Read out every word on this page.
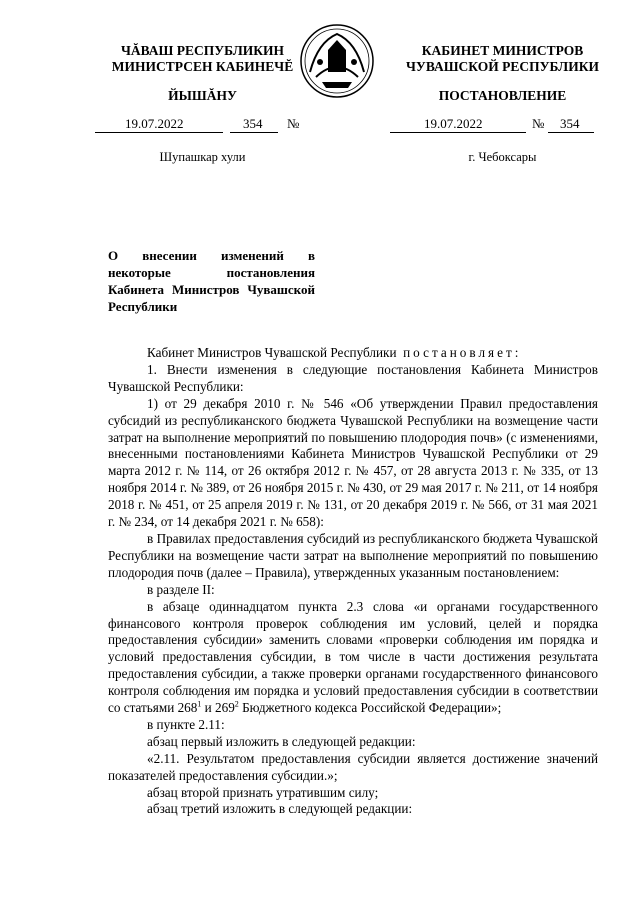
ЧĂВАШ РЕСПУБЛИКИН
МИНИСТРСЕН КАБИНЕЧĔ
ЙЫШĂНУ
КАБИНЕТ МИНИСТРОВ
ЧУВАШСКОЙ РЕСПУБЛИКИ
ПОСТАНОВЛЕНИЕ
19.07.2022	354 №	19.07.2022	№ 354
Шупашкар хули	г. Чебоксары
О внесении изменений в некоторые постановления Кабинета Министров Чувашской Республики

Кабинет Министров Чувашской Республики постановляет:

1. Внести изменения в следующие постановления Кабинета Министров Чувашской Республики:

1) от 29 декабря 2010 г. № 546 «Об утверждении Правил предоставления субсидий из республиканского бюджета Чувашской Республики на возмещение части затрат на выполнение мероприятий по повышению плодородия почв» (с изменениями, внесенными постановлениями Кабинета Министров Чувашской Республики от 29 марта 2012 г. № 114, от 26 октября 2012 г. № 457, от 28 августа 2013 г. № 335, от 13 ноября 2014 г. № 389, от 26 ноября 2015 г. № 430, от 29 мая 2017 г. № 211, от 14 ноября 2018 г. № 451, от 25 апреля 2019 г. № 131, от 20 декабря 2019 г. № 566, от 31 мая 2021 г. № 234, от 14 декабря 2021 г. № 658):

в Правилах предоставления субсидий из республиканского бюджета Чувашской Республики на возмещение части затрат на выполнение мероприятий по повышению плодородия почв (далее – Правила), утвержденных указанным постановлением:

в разделе II:

в абзаце одиннадцатом пункта 2.3 слова «и органами государственного финансового контроля проверок соблюдения им условий, целей и порядка предоставления субсидии» заменить словами «проверки соблюдения им порядка и условий предоставления субсидии, в том числе в части достижения результата предоставления субсидии, а также проверки органами государственного финансового контроля соблюдения им порядка и условий предоставления субсидии в соответствии со статьями $268^1$ и $269^2$ Бюджетного кодекса Российской Федерации»;

в пункте 2.11:

абзац первый изложить в следующей редакции:

«2.11. Результатом предоставления субсидии является достижение значений показателей предоставления субсидии.»;

абзац второй признать утратившим силу;

абзац третий изложить в следующей редакции:
